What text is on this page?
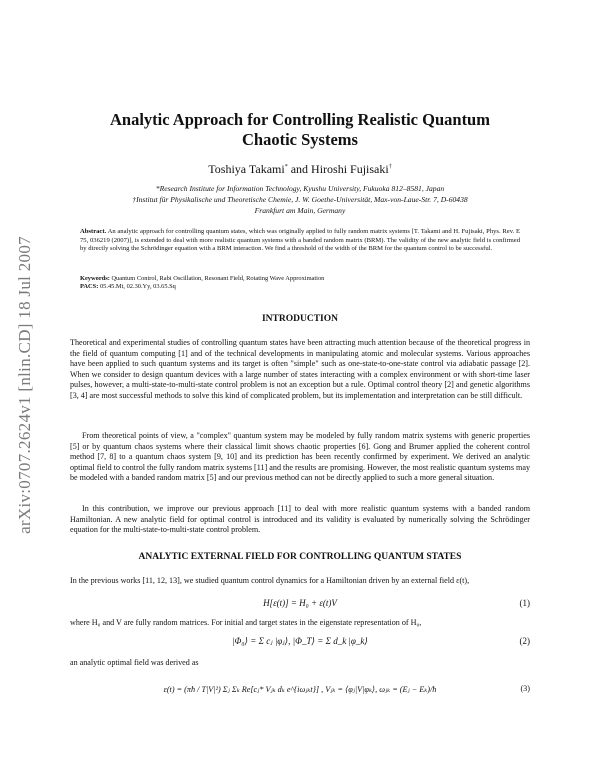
arXiv:0707.2624v1 [nlin.CD] 18 Jul 2007
Analytic Approach for Controlling Realistic Quantum
Chaotic Systems
Toshiya Takami* and Hiroshi Fujisaki†
*Research Institute for Information Technology, Kyushu University, Fukuoka 812–8581, Japan
†Institut für Physikalische und Theoretische Chemie, J. W. Goethe-Universität, Max-von-Laue-Str. 7, D-60438
Frankfurt am Main, Germany
Abstract. An analytic approach for controlling quantum states, which was originally applied to fully random matrix systems [T. Takami and H. Fujisaki, Phys. Rev. E 75, 036219 (2007)], is extended to deal with more realistic quantum systems with a banded random matrix (BRM). The validity of the new analytic field is confirmed by directly solving the Schrödinger equation with a BRM interaction. We find a threshold of the width of the BRM for the quantum control to be successful.
Keywords: Quantum Control, Rabi Oscillation, Resonant Field, Rotating Wave Approximation
PACS: 05.45.Mt, 02.30.Yy, 03.65.Sq
INTRODUCTION
Theoretical and experimental studies of controlling quantum states have been attracting much attention because of the theoretical progress in the field of quantum computing [1] and of the technical developments in manipulating atomic and molecular systems. Various approaches have been applied to such quantum systems and its target is often "simple" such as one-state-to-one-state control via adiabatic passage [2]. When we consider to design quantum devices with a large number of states interacting with a complex environment or with short-time laser pulses, however, a multi-state-to-multi-state control problem is not an exception but a rule. Optimal control theory [2] and genetic algorithms [3, 4] are most successful methods to solve this kind of complicated problem, but its implementation and interpretation can be still difficult.
From theoretical points of view, a "complex" quantum system may be modeled by fully random matrix systems with generic properties [5] or by quantum chaos systems where their classical limit shows chaotic properties [6]. Gong and Brumer applied the coherent control method [7, 8] to a quantum chaos system [9, 10] and its prediction has been recently confirmed by experiment. We derived an analytic optimal field to control the fully random matrix systems [11] and the results are promising. However, the most realistic quantum systems may be modeled with a banded random matrix [5] and our previous method can not be directly applied to such a more general situation.
In this contribution, we improve our previous approach [11] to deal with more realistic quantum systems with a banded random Hamiltonian. A new analytic field for optimal control is introduced and its validity is evaluated by numerically solving the Schrödinger equation for the multi-state-to-multi-state control problem.
ANALYTIC EXTERNAL FIELD FOR CONTROLLING QUANTUM STATES
In the previous works [11, 12, 13], we studied quantum control dynamics for a Hamiltonian driven by an external field ε(t),
H[ε(t)] = H₀ + ε(t)V	(1)
where H₀ and V are fully random matrices. For initial and target states in the eigenstate representation of H₀,
|Φ₀⟩ = Σ cⱼ |φⱼ⟩, |Φ_T⟩ = Σ d_k |φ_k⟩	(2)
an analytic optimal field was derived as
ε(t) = (πħ / T|V|²) Σⱼ Σₖ Re[cⱼ* Vⱼₖ dₖ e^{iωⱼₖt}] , Vⱼₖ = ⟨φⱼ|V|φₖ⟩, ωⱼₖ = (Eⱼ − Eₖ)/ħ	(3)
